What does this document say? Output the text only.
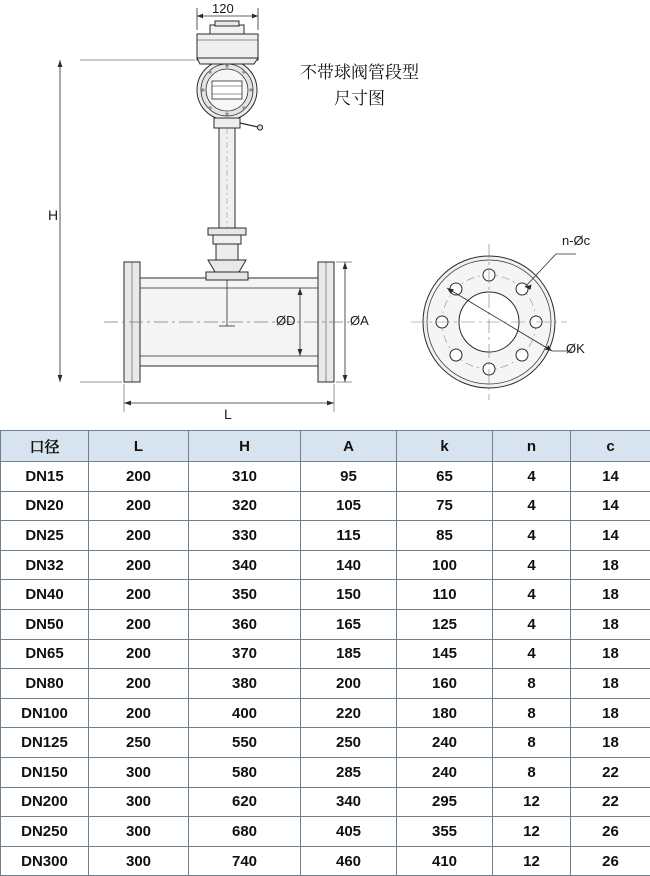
不带球阀管段型
尺寸图
120
H
L
ØD	ØA
n-Øc
ØK
口径	L	H	A	k	n	c
DN15	200	310	95	65	4	14
DN20	200	320	105	75	4	14
DN25	200	330	115	85	4	14
DN32	200	340	140	100	4	18
DN40	200	350	150	110	4	18
DN50	200	360	165	125	4	18
DN65	200	370	185	145	4	18
DN80	200	380	200	160	8	18
DN100	200	400	220	180	8	18
DN125	250	550	250	240	8	18
DN150	300	580	285	240	8	22
DN200	300	620	340	295	12	22
DN250	300	680	405	355	12	26
DN300	300	740	460	410	12	26
